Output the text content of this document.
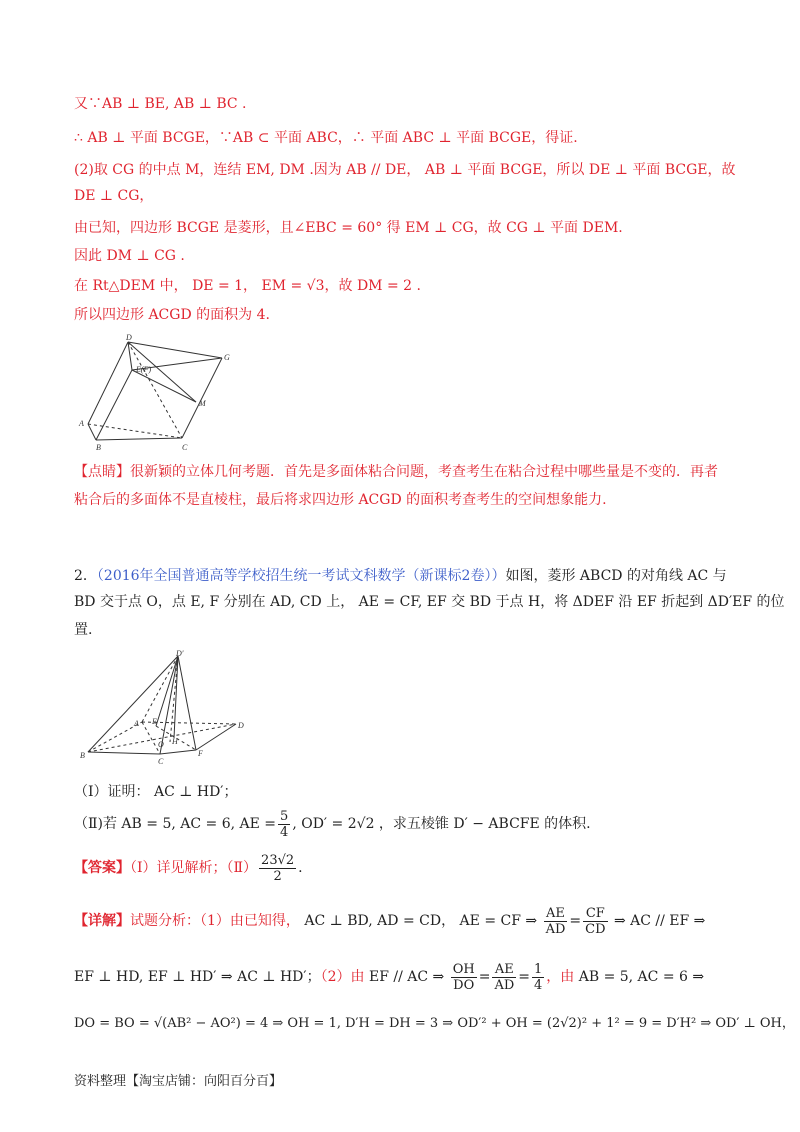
又∵AB ⊥ BE, AB ⊥ BC .
∴ AB ⊥ 平面 BCGE，∵AB ⊂ 平面 ABC，∴ 平面 ABC ⊥ 平面 BCGE，得证.
(2)取 CG 的中点 M，连结 EM, DM .因为 AB // DE， AB ⊥ 平面 BCGE，所以 DE ⊥ 平面 BCGE，故
DE ⊥ CG，
由已知，四边形 BCGE 是菱形，且∠EBC = 60° 得 EM ⊥ CG，故 CG ⊥ 平面 DEM.
因此 DM ⊥ CG .
在 Rt△DEM 中， DE = 1， EM = √3，故 DM = 2 .
所以四边形 ACGD 的面积为 4.
D
E(F)
G
M
A
B	C
【点睛】很新颖的立体几何考题．首先是多面体粘合问题，考查考生在粘合过程中哪些量是不变的．再者
粘合后的多面体不是直棱柱，最后将求四边形 ACGD 的面积考查考生的空间想象能力.
2．（2016年全国普通高等学校招生统一考试文科数学（新课标2卷））如图，菱形 ABCD 的对角线 AC 与
BD 交于点 O，点 E, F 分别在 AD, CD 上， AE = CF, EF 交 BD 于点 H，将 ΔDEF 沿 EF 折起到 ΔD′EF 的位
置.
D′
A E
O H
D
B
C
F
（Ⅰ）证明： AC ⊥ HD′；
（Ⅱ)若 AB = 5, AC = 6, AE = $\frac{5}{4}$ , OD′ = 2√2 ，求五棱锥 D′ − ABCFE 的体积.
【答案】（Ⅰ）详见解析；（Ⅱ） $\frac{23√2}{2}$ .
【详解】试题分析：（1）由已知得， AC ⊥ BD, AD = CD， AE = CF ⇒ $\frac{AE}{AD} = \frac{CF}{CD}$ ⇒ AC // EF ⇒
EF ⊥ HD, EF ⊥ HD′ ⇒ AC ⊥ HD′；（2）由 EF // AC ⇒ $\frac{OH}{DO} = \frac{AE}{AD} = \frac{1}{4}$ ，由 AB = 5, AC = 6 ⇒
DO = BO = √(AB² − AO²) = 4 ⇒ OH = 1, D′H = DH = 3 ⇒ OD′² + OH = (2√2)² + 1² = 9 = D′H² ⇒ OD′ ⊥ OH，
资料整理【淘宝店铺：向阳百分百】
